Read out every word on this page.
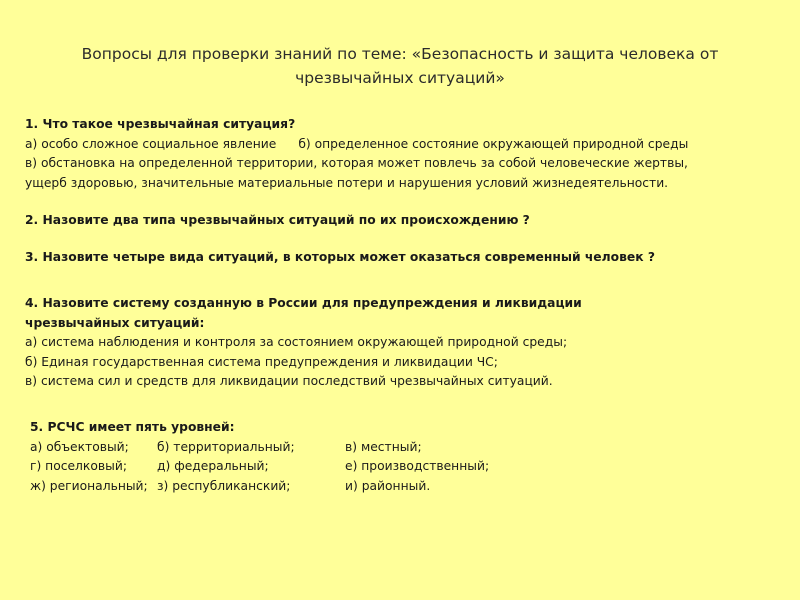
Вопросы для проверки знаний по теме: «Безопасность и защита человека от
чрезвычайных ситуаций»
1. Что такое чрезвычайная ситуация?
а) особо сложное социальное явление б) определенное состояние окружающей природной среды
в) обстановка на определенной территории, которая может повлечь за собой человеческие жертвы,
ущерб здоровью, значительные материальные потери и нарушения условий жизнедеятельности.
2. Назовите два типа чрезвычайных ситуаций по их происхождению ?
3. Назовите четыре вида ситуаций, в которых может оказаться современный человек ?
4. Назовите систему созданную в России для предупреждения и ликвидации
чрезвычайных ситуаций:
а) система наблюдения и контроля за состоянием окружающей природной среды;
б) Единая государственная система предупреждения и ликвидации ЧС;
в) система сил и средств для ликвидации последствий чрезвычайных ситуаций.
5. РСЧС имеет пять уровней:
а) объектовый; б) территориальный;	в) местный;
г) поселковый; д) федеральный;	е) производственный;
ж) региональный; з) республиканский;	и) районный.
